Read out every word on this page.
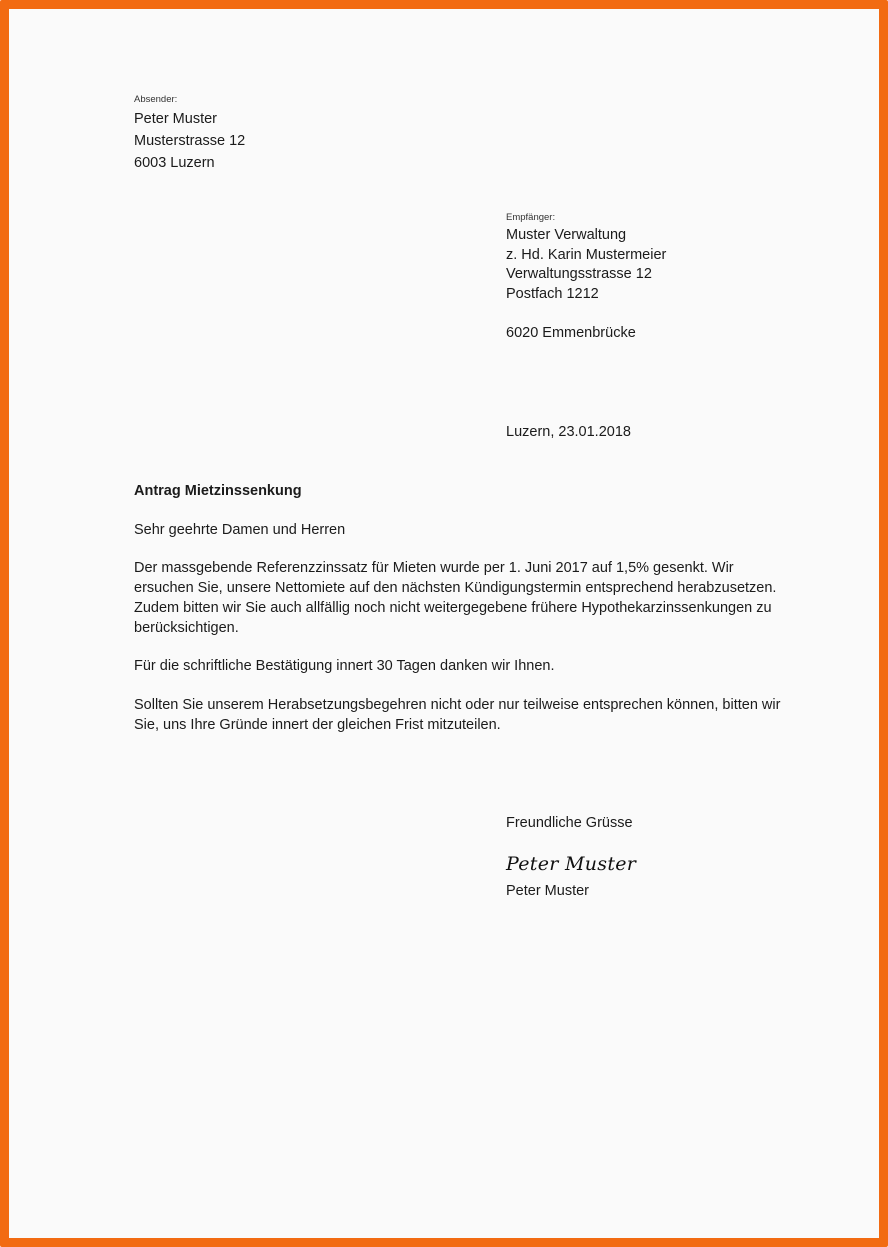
Absender:
Peter Muster
Musterstrasse 12
6003 Luzern
Empfänger:
Muster Verwaltung
z. Hd. Karin Mustermeier
Verwaltungsstrasse 12
Postfach 1212
6020 Emmenbrücke
Luzern, 23.01.2018
Antrag Mietzinssenkung
Sehr geehrte Damen und Herren
Der massgebende Referenzzinssatz für Mieten wurde per 1. Juni 2017 auf 1,5% gesenkt. Wir
ersuchen Sie, unsere Nettomiete auf den nächsten Kündigungstermin entsprechend herabzusetzen.
Zudem bitten wir Sie auch allfällig noch nicht weitergegebene frühere Hypothekarzinssenkungen zu
berücksichtigen.
Für die schriftliche Bestätigung innert 30 Tagen danken wir Ihnen.
Sollten Sie unserem Herabsetzungsbegehren nicht oder nur teilweise entsprechen können, bitten wir
Sie, uns Ihre Gründe innert der gleichen Frist mitzuteilen.
Freundliche Grüsse
Peter Muster
Peter Muster
